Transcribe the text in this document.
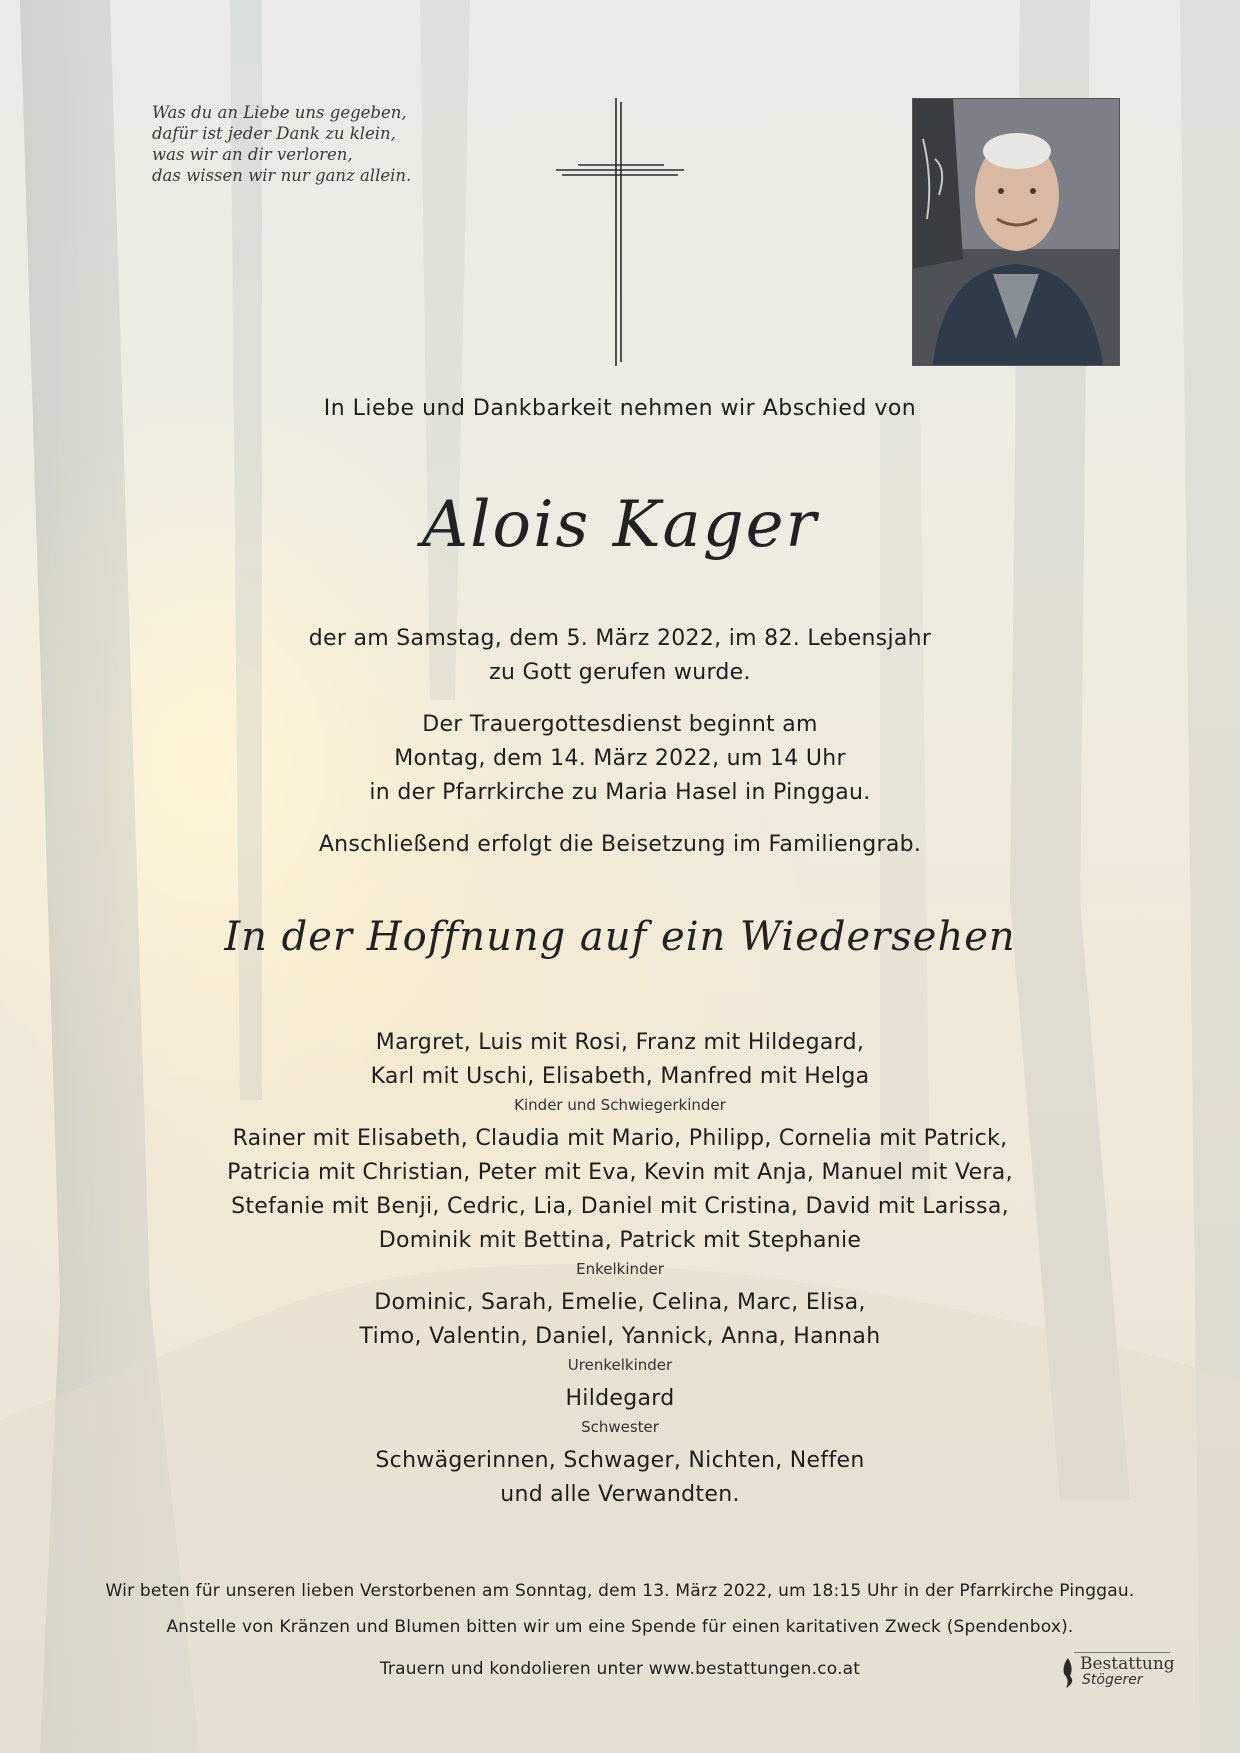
Was du an Liebe uns gegeben,
dafür ist jeder Dank zu klein,
was wir an dir verloren,
das wissen wir nur ganz allein.
In Liebe und Dankbarkeit nehmen wir Abschied von
Alois Kager
der am Samstag, dem 5. März 2022, im 82. Lebensjahr
zu Gott gerufen wurde.
Der Trauergottesdienst beginnt am
Montag, dem 14. März 2022, um 14 Uhr
in der Pfarrkirche zu Maria Hasel in Pinggau.
Anschließend erfolgt die Beisetzung im Familiengrab.
In der Hoffnung auf ein Wiedersehen
Margret, Luis mit Rosi, Franz mit Hildegard,
Karl mit Uschi, Elisabeth, Manfred mit Helga
Kinder und Schwiegerkinder
Rainer mit Elisabeth, Claudia mit Mario, Philipp, Cornelia mit Patrick,
Patricia mit Christian, Peter mit Eva, Kevin mit Anja, Manuel mit Vera,
Stefanie mit Benji, Cedric, Lia, Daniel mit Cristina, David mit Larissa,
Dominik mit Bettina, Patrick mit Stephanie
Enkelkinder
Dominic, Sarah, Emelie, Celina, Marc, Elisa,
Timo, Valentin, Daniel, Yannick, Anna, Hannah
Urenkelkinder
Hildegard
Schwester
Schwägerinnen, Schwager, Nichten, Neffen
und alle Verwandten.
Wir beten für unseren lieben Verstorbenen am Sonntag, dem 13. März 2022, um 18:15 Uhr in der Pfarrkirche Pinggau.
Anstelle von Kränzen und Blumen bitten wir um eine Spende für einen karitativen Zweck (Spendenbox).
Trauern und kondolieren unter www.bestattungen.co.at	Bestattung
Stögerer
